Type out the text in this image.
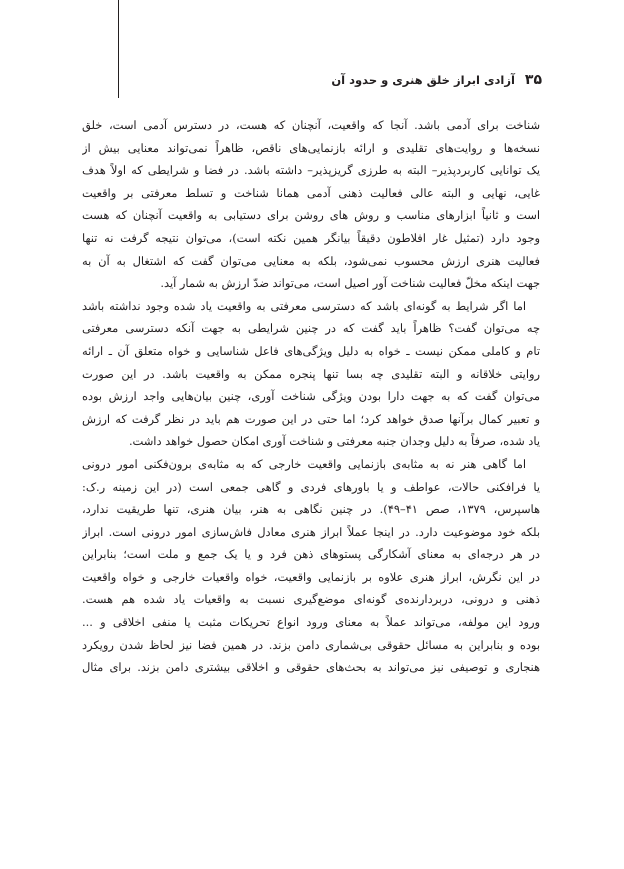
۳۵
آزادی ابراز خلق هنری و حدود آن
شناخت برای آدمی باشد. آنجا که واقعیت، آنچنان که هست، در دسترس آدمی است، خلق
نسخه‌ها و روایت‌های تقلیدی و ارائه بازنمایی‌های ناقص، ظاهراً نمی‌تواند معنایی بیش از
یک توانایی کاربردپذیر– البته به طرزی گریزپذیر– داشته باشد. در فضا و شرایطی که اولاً هدف
غایی، نهایی و البته عالی فعالیت ذهنی آدمی همانا شناخت و تسلط معرفتی بر واقعیت
است و ثانیاً ابزارهای مناسب و روش های روشن برای دستیابی به واقعیت آنچنان که هست
وجود دارد (تمثیل غار افلاطون دقیقاً بیانگر همین نکته است)، می‌توان نتیجه گرفت نه تنها
فعالیت هنری ارزش محسوب نمی‌شود، بلکه به معنایی می‌توان گفت که اشتغال به آن به
جهت اینکه مخلّ فعالیت شناخت آور اصیل است، می‌تواند ضدّ ارزش به شمار آید.
اما اگر شرایط به گونه‌ای باشد که دسترسی معرفتی به واقعیت یاد شده وجود نداشته باشد
چه می‌توان گفت؟ ظاهراً باید گفت که در چنین شرایطی به جهت آنکه دسترسی معرفتی
تام و کاملی ممکن نیست ـ خواه به دلیل ویژگی‌های فاعل شناسایی و خواه متعلق آن ـ ارائه
روایتی خلاقانه و البته تقلیدی چه بسا تنها پنجره ممکن به واقعیت باشد. در این صورت
می‌توان گفت که به جهت دارا بودن ویژگی شناخت آوری، چنین بیان‌هایی واجد ارزش بوده
و تعبیر کمال برآنها صدق خواهد کرد؛ اما حتی در این صورت هم باید در نظر گرفت که ارزش
یاد شده، صرفاً به دلیل وجدان جنبه معرفتی و شناخت آوری امکان حصول خواهد داشت.
اما گاهی هنر نه به مثابه‌ی بازنمایی واقعیت خارجی که به مثابه‌ی برون‌فکنی امور درونی
یا فرافکنی حالات، عواطف و یا باورهای فردی و گاهی جمعی است (در این زمینه ر.ک:
هاسپرس، ۱۳۷۹، صص ۴۱–۴۹). در چنین نگاهی به هنر، بیان هنری، تنها طریقیت ندارد،
بلکه خود موضوعیت دارد. در اینجا عملاً ابراز هنری معادل فاش‌سازی امور درونی است. ابراز
در هر درجه‌ای به معنای آشکارگی پستوهای ذهن فرد و یا یک جمع و ملت است؛ بنابراین
در این نگرش، ابراز هنری علاوه بر بازنمایی واقعیت، خواه واقعیات خارجی و خواه واقعیت
ذهنی و درونی، دربردارنده‌ی گونه‌ای موضع‌گیری نسبت به واقعیات یاد شده هم هست.
ورود این مولفه، می‌تواند عملاً به معنای ورود انواع تحریکات مثبت یا منفی اخلاقی و ...
بوده و بنابراین به مسائل حقوقی بی‌شماری دامن بزند. در همین فضا نیز لحاظ شدن رویکرد
هنجاری و توصیفی نیز می‌تواند به بحث‌های حقوقی و اخلاقی بیشتری دامن بزند. برای مثال
